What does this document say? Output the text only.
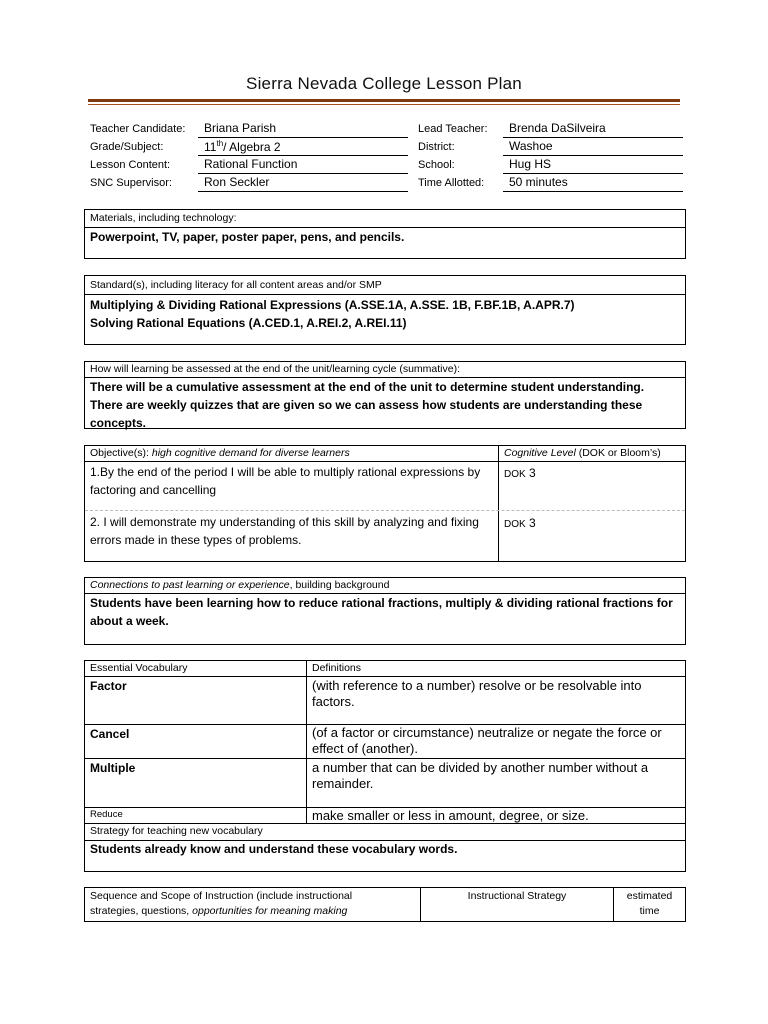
Sierra Nevada College Lesson Plan
Teacher Candidate:	Briana Parish
Grade/Subject:	11th/ Algebra 2
Lesson Content:	Rational Function
SNC Supervisor:	Ron Seckler
Lead Teacher:	Brenda DaSilveira
District:	Washoe
School:	Hug HS
Time Allotted:	50 minutes
Materials, including technology:
Powerpoint, TV, paper, poster paper, pens, and pencils.
Standard(s), including literacy for all content areas and/or SMP
Multiplying & Dividing Rational Expressions (A.SSE.1A, A.SSE. 1B, F.BF.1B, A.APR.7)
Solving Rational Equations (A.CED.1, A.REI.2, A.REI.11)
How will learning be assessed at the end of the unit/learning cycle (summative):
There will be a cumulative assessment at the end of the unit to determine student understanding. There are weekly quizzes that are given so we can assess how students are understanding these concepts.
Objective(s): high cognitive demand for diverse learners	Cognitive Level (DOK or Bloom’s)
1.By the end of the period I will be able to multiply rational expressions by factoring and cancelling
DOK 3
2. I will demonstrate my understanding of this skill by analyzing and fixing errors made in these types of problems.
DOK 3
Connections to past learning or experience, building background
Students have been learning how to reduce rational fractions, multiply & dividing rational fractions for about a week.
Essential Vocabulary	Definitions
Factor	(with reference to a number) resolve or be resolvable into factors.
Cancel	(of a factor or circumstance) neutralize or negate the force or effect of (another).
Multiple	a number that can be divided by another number without a remainder.
Reduce	make smaller or less in amount, degree, or size.
Strategy for teaching new vocabulary
Students already know and understand these vocabulary words.
Sequence and Scope of Instruction (include instructional
strategies, questions, opportunities for meaning making
Instructional Strategy	estimated
time
